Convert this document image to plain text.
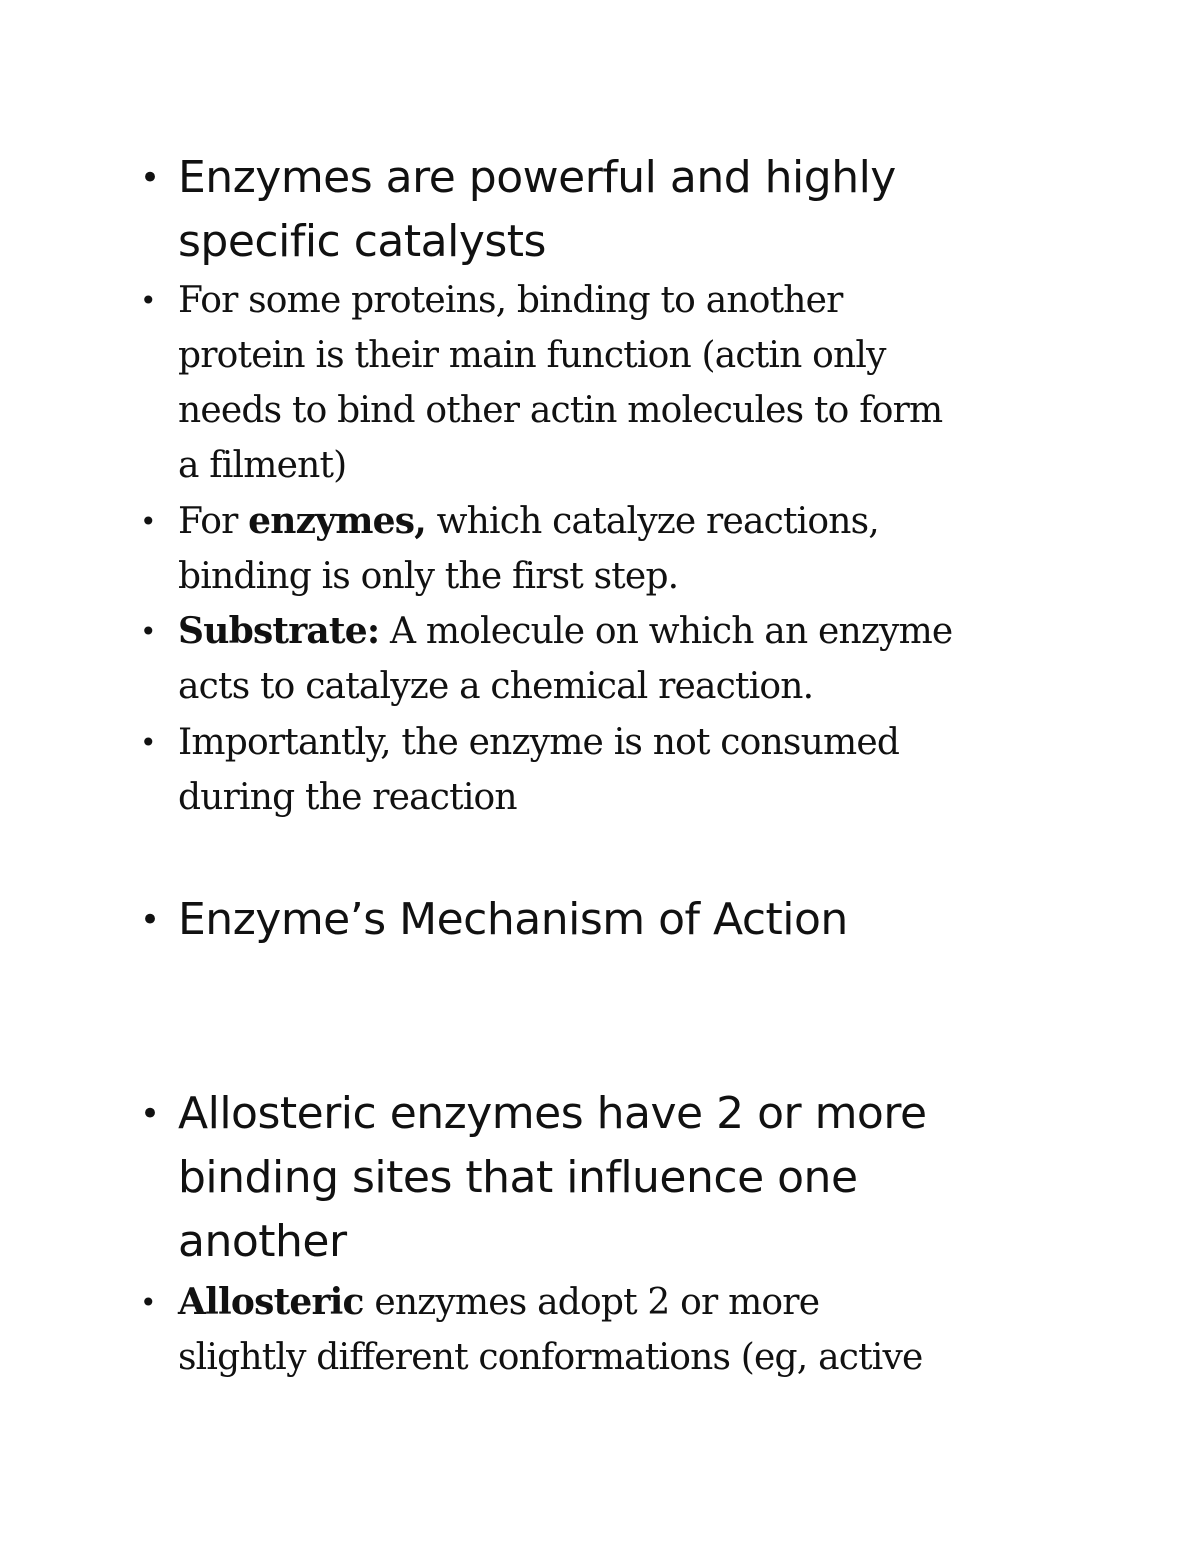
• Enzymes are powerful and highly
specific catalysts
• For some proteins, binding to another
protein is their main function (actin only
needs to bind other actin molecules to form
a filment)
• For enzymes, which catalyze reactions,
binding is only the first step.
• Substrate: A molecule on which an enzyme
acts to catalyze a chemical reaction.
• Importantly, the enzyme is not consumed
during the reaction
• Enzyme’s Mechanism of Action
• Allosteric enzymes have 2 or more
binding sites that influence one
another
• Allosteric enzymes adopt 2 or more
slightly different conformations (eg, active
